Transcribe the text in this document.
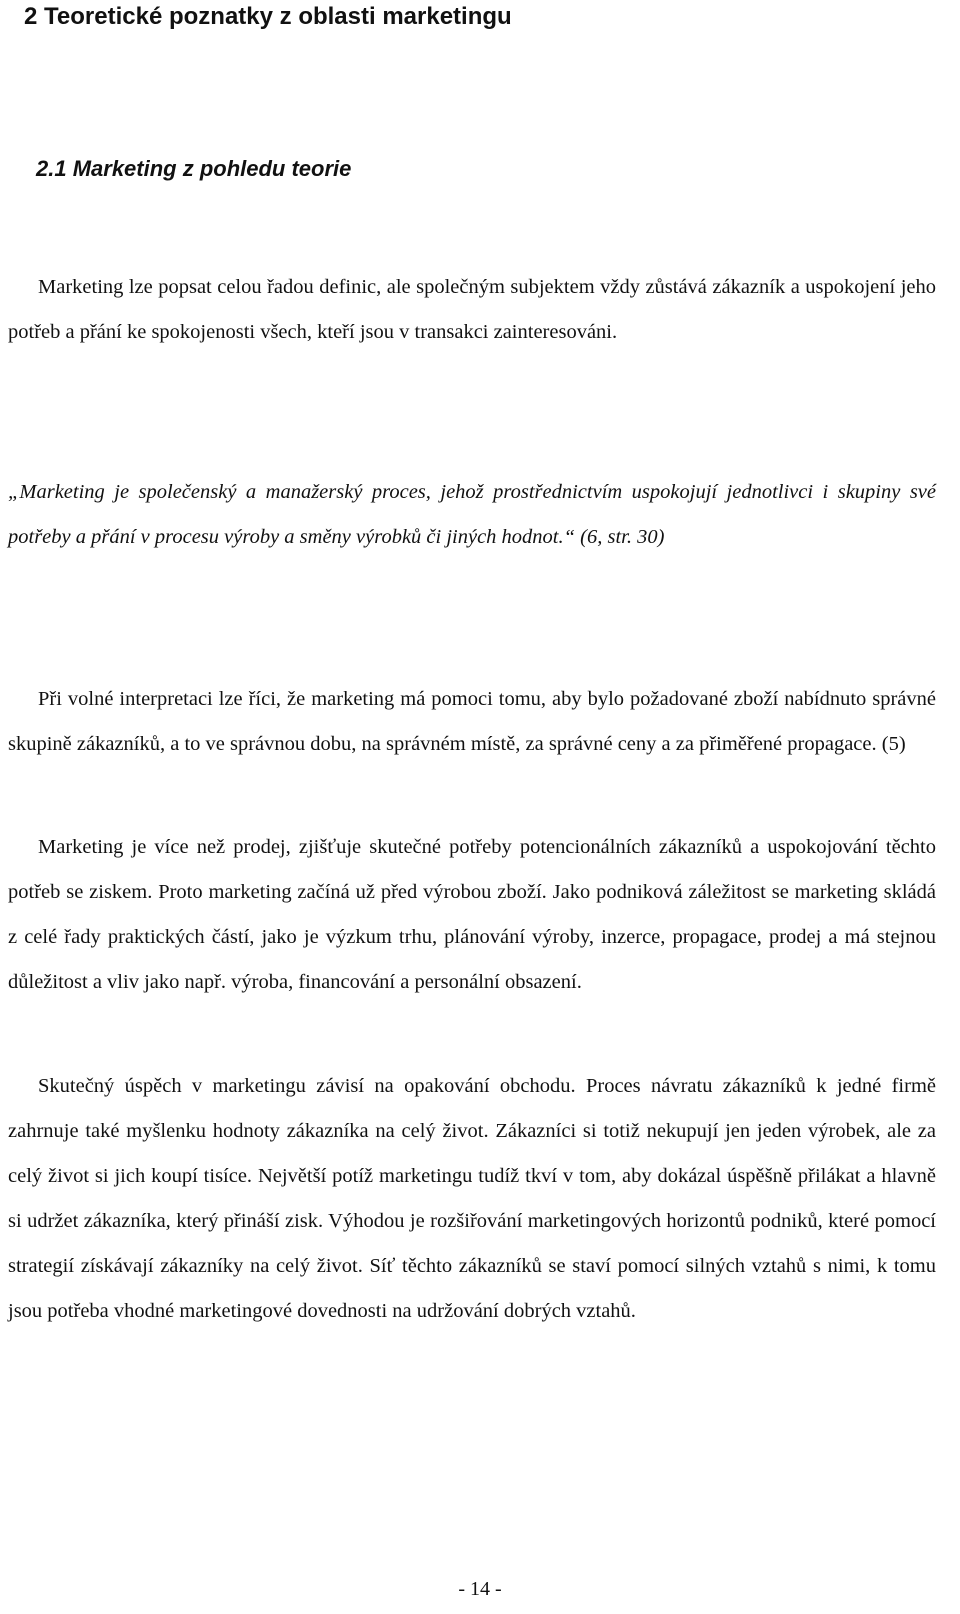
2 Teoretické poznatky z oblasti marketingu
2.1 Marketing z pohledu teorie

Marketing lze popsat celou řadou definic, ale společným subjektem vždy zůstává zákazník a uspokojení jeho potřeb a přání ke spokojenosti všech, kteří jsou v transakci zainteresováni.

„Marketing je společenský a manažerský proces, jehož prostřednictvím uspokojují jednotlivci i skupiny své potřeby a přání v procesu výroby a směny výrobků či jiných hodnot.“ (6, str. 30)

Při volné interpretaci lze říci, že marketing má pomoci tomu, aby bylo požadované zboží nabídnuto správné skupině zákazníků, a to ve správnou dobu, na správném místě, za správné ceny a za přiměřené propagace. (5)

Marketing je více než prodej, zjišťuje skutečné potřeby potencionálních zákazníků a uspokojování těchto potřeb se ziskem. Proto marketing začíná už před výrobou zboží. Jako podniková záležitost se marketing skládá z celé řady praktických částí, jako je výzkum trhu, plánování výroby, inzerce, propagace, prodej a má stejnou důležitost a vliv jako např. výroba, financování a personální obsazení.

Skutečný úspěch v marketingu závisí na opakování obchodu. Proces návratu zákazníků k jedné firmě zahrnuje také myšlenku hodnoty zákazníka na celý život. Zákazníci si totiž nekupují jen jeden výrobek, ale za celý život si jich koupí tisíce. Největší potíž marketingu tudíž tkví v tom, aby dokázal úspěšně přilákat a hlavně si udržet zákazníka, který přináší zisk. Výhodou je rozšiřování marketingových horizontů podniků, které pomocí strategií získávají zákazníky na celý život. Síť těchto zákazníků se staví pomocí silných vztahů s nimi, k tomu jsou potřeba vhodné marketingové dovednosti na udržování dobrých vztahů.

- 14 -
